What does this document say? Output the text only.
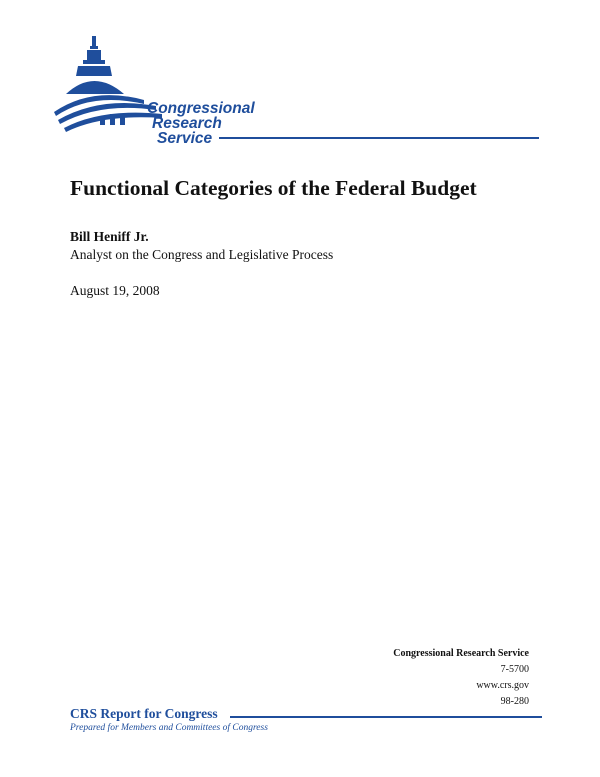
Congressional
Research
Service
Functional Categories of the Federal Budget
Bill Heniff Jr.
Analyst on the Congress and Legislative Process
August 19, 2008
Congressional Research Service
7-5700
www.crs.gov
98-280
CRS Report for Congress
Prepared for Members and Committees of Congress
